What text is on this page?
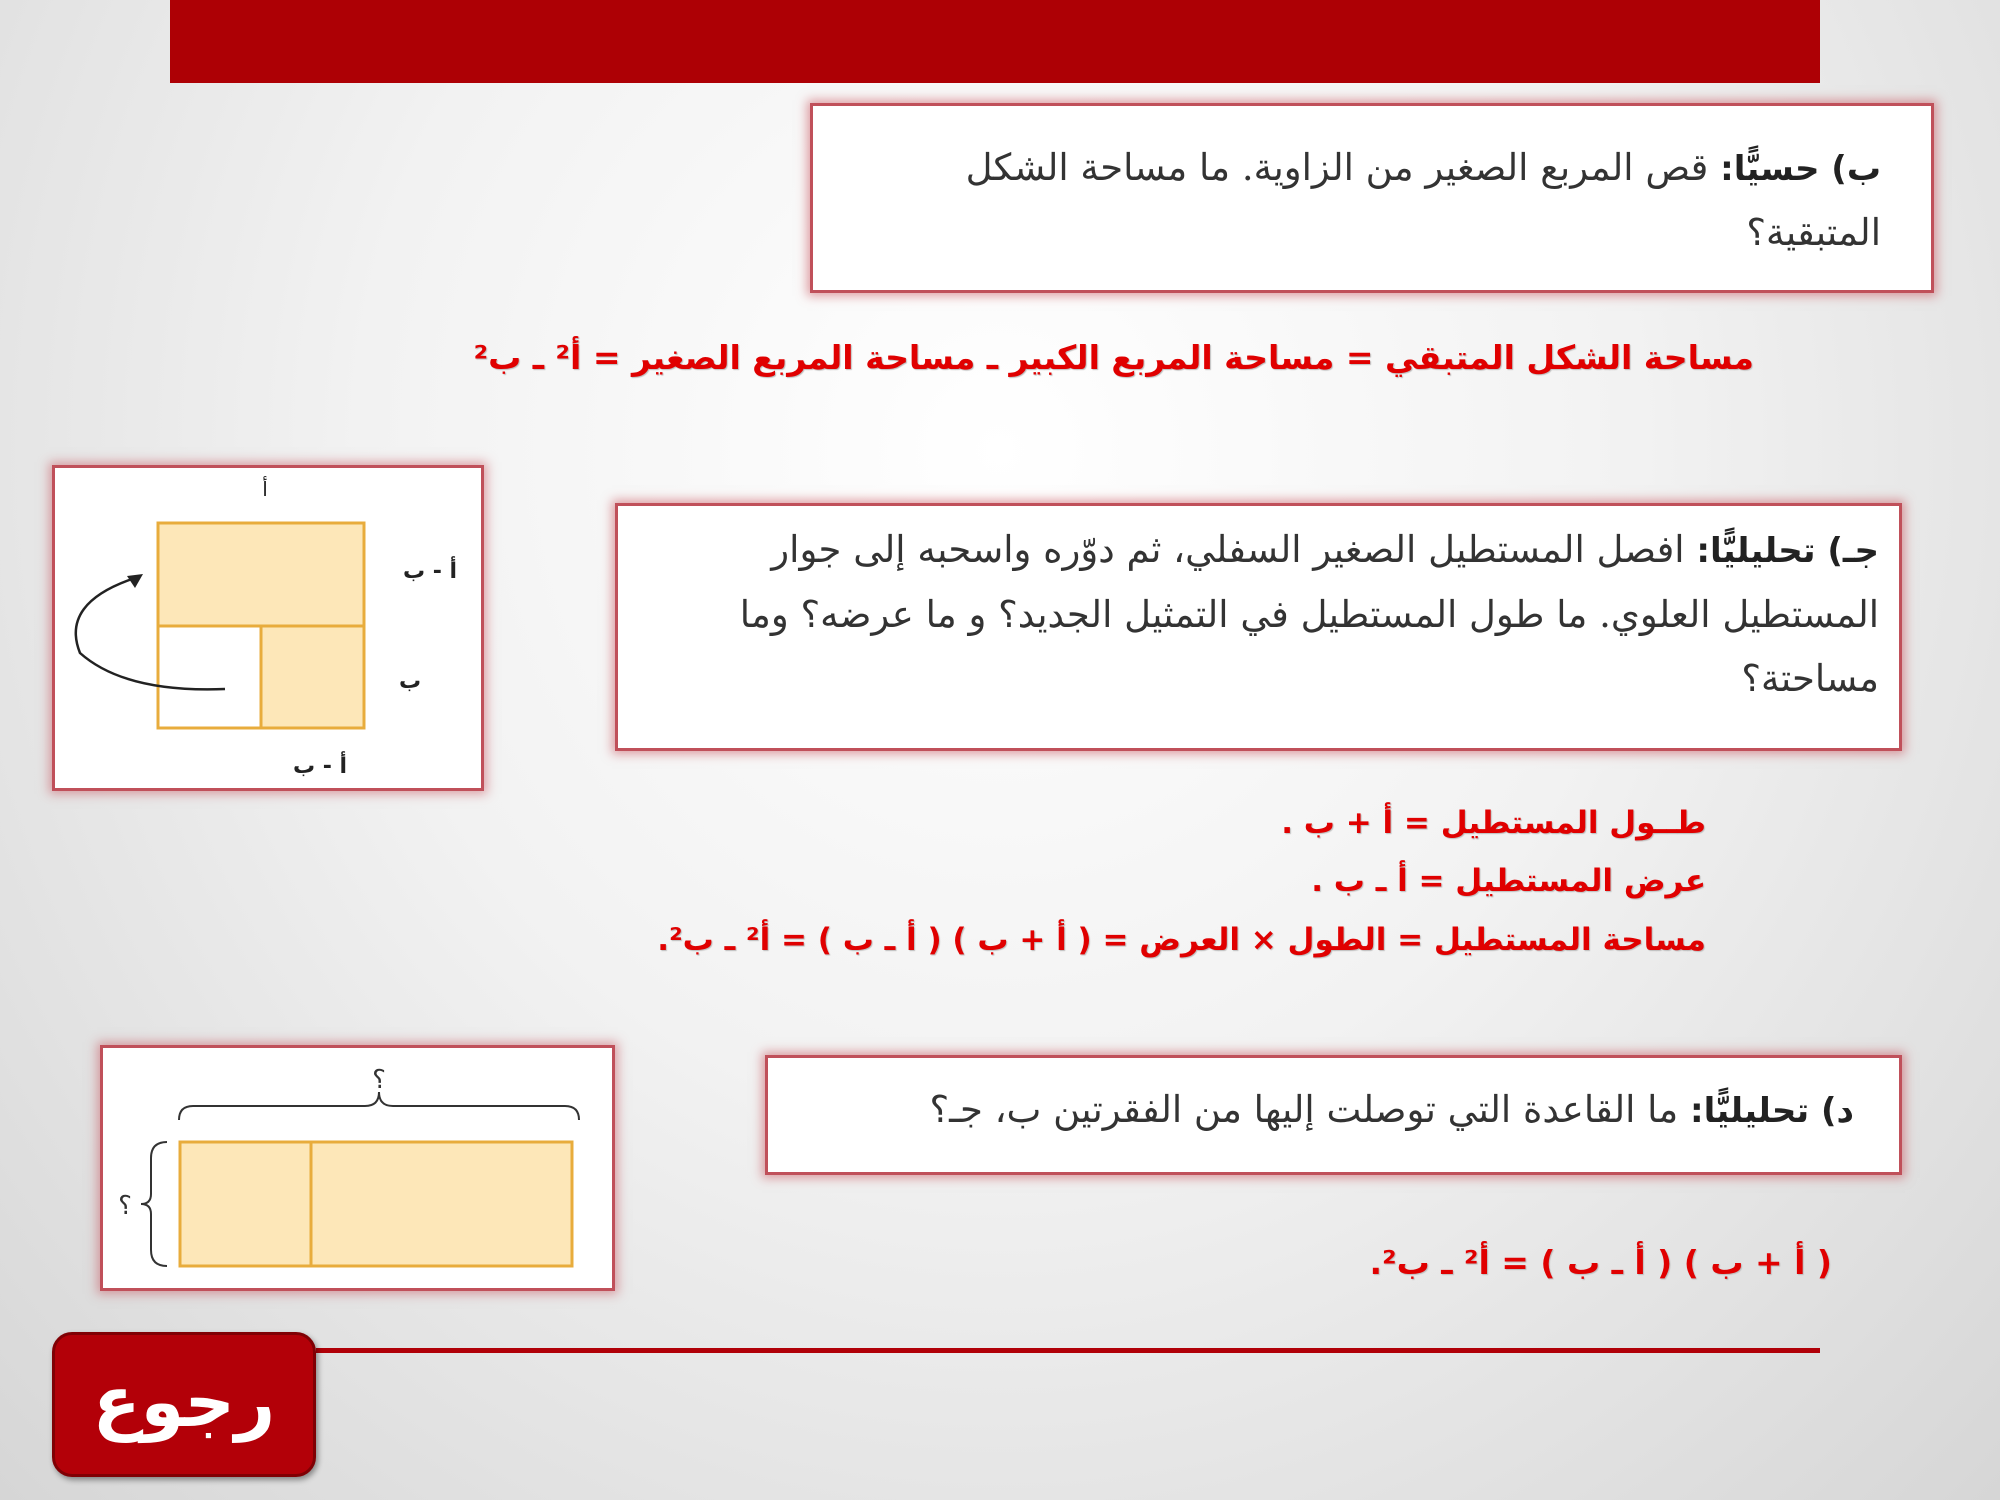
ب) حسيًّا: قص المربع الصغير من الزاوية. ما مساحة الشكل المتبقية؟
مساحة الشكل المتبقي = مساحة المربع الكبير ـ مساحة المربع الصغير = أ² ـ ب²
أ
أ - ب
ب
أ - ب
جـ) تحليليًّا: افصل المستطيل الصغير السفلي، ثم دوّره واسحبه إلى جوار المستطيل العلوي. ما طول المستطيل في التمثيل الجديد؟ و ما عرضه؟ وما مساحتة؟
طــول المستطيل = أ + ب .
عرض المستطيل = أ ـ ب .
مساحة المستطيل = الطول × العرض = ( أ + ب ) ( أ ـ ب ) = أ² ـ ب².
؟
؟
د) تحليليًّا: ما القاعدة التي توصلت إليها من الفقرتين ب، جـ؟
( أ + ب ) ( أ ـ ب ) = أ² ـ ب².
رجوع
